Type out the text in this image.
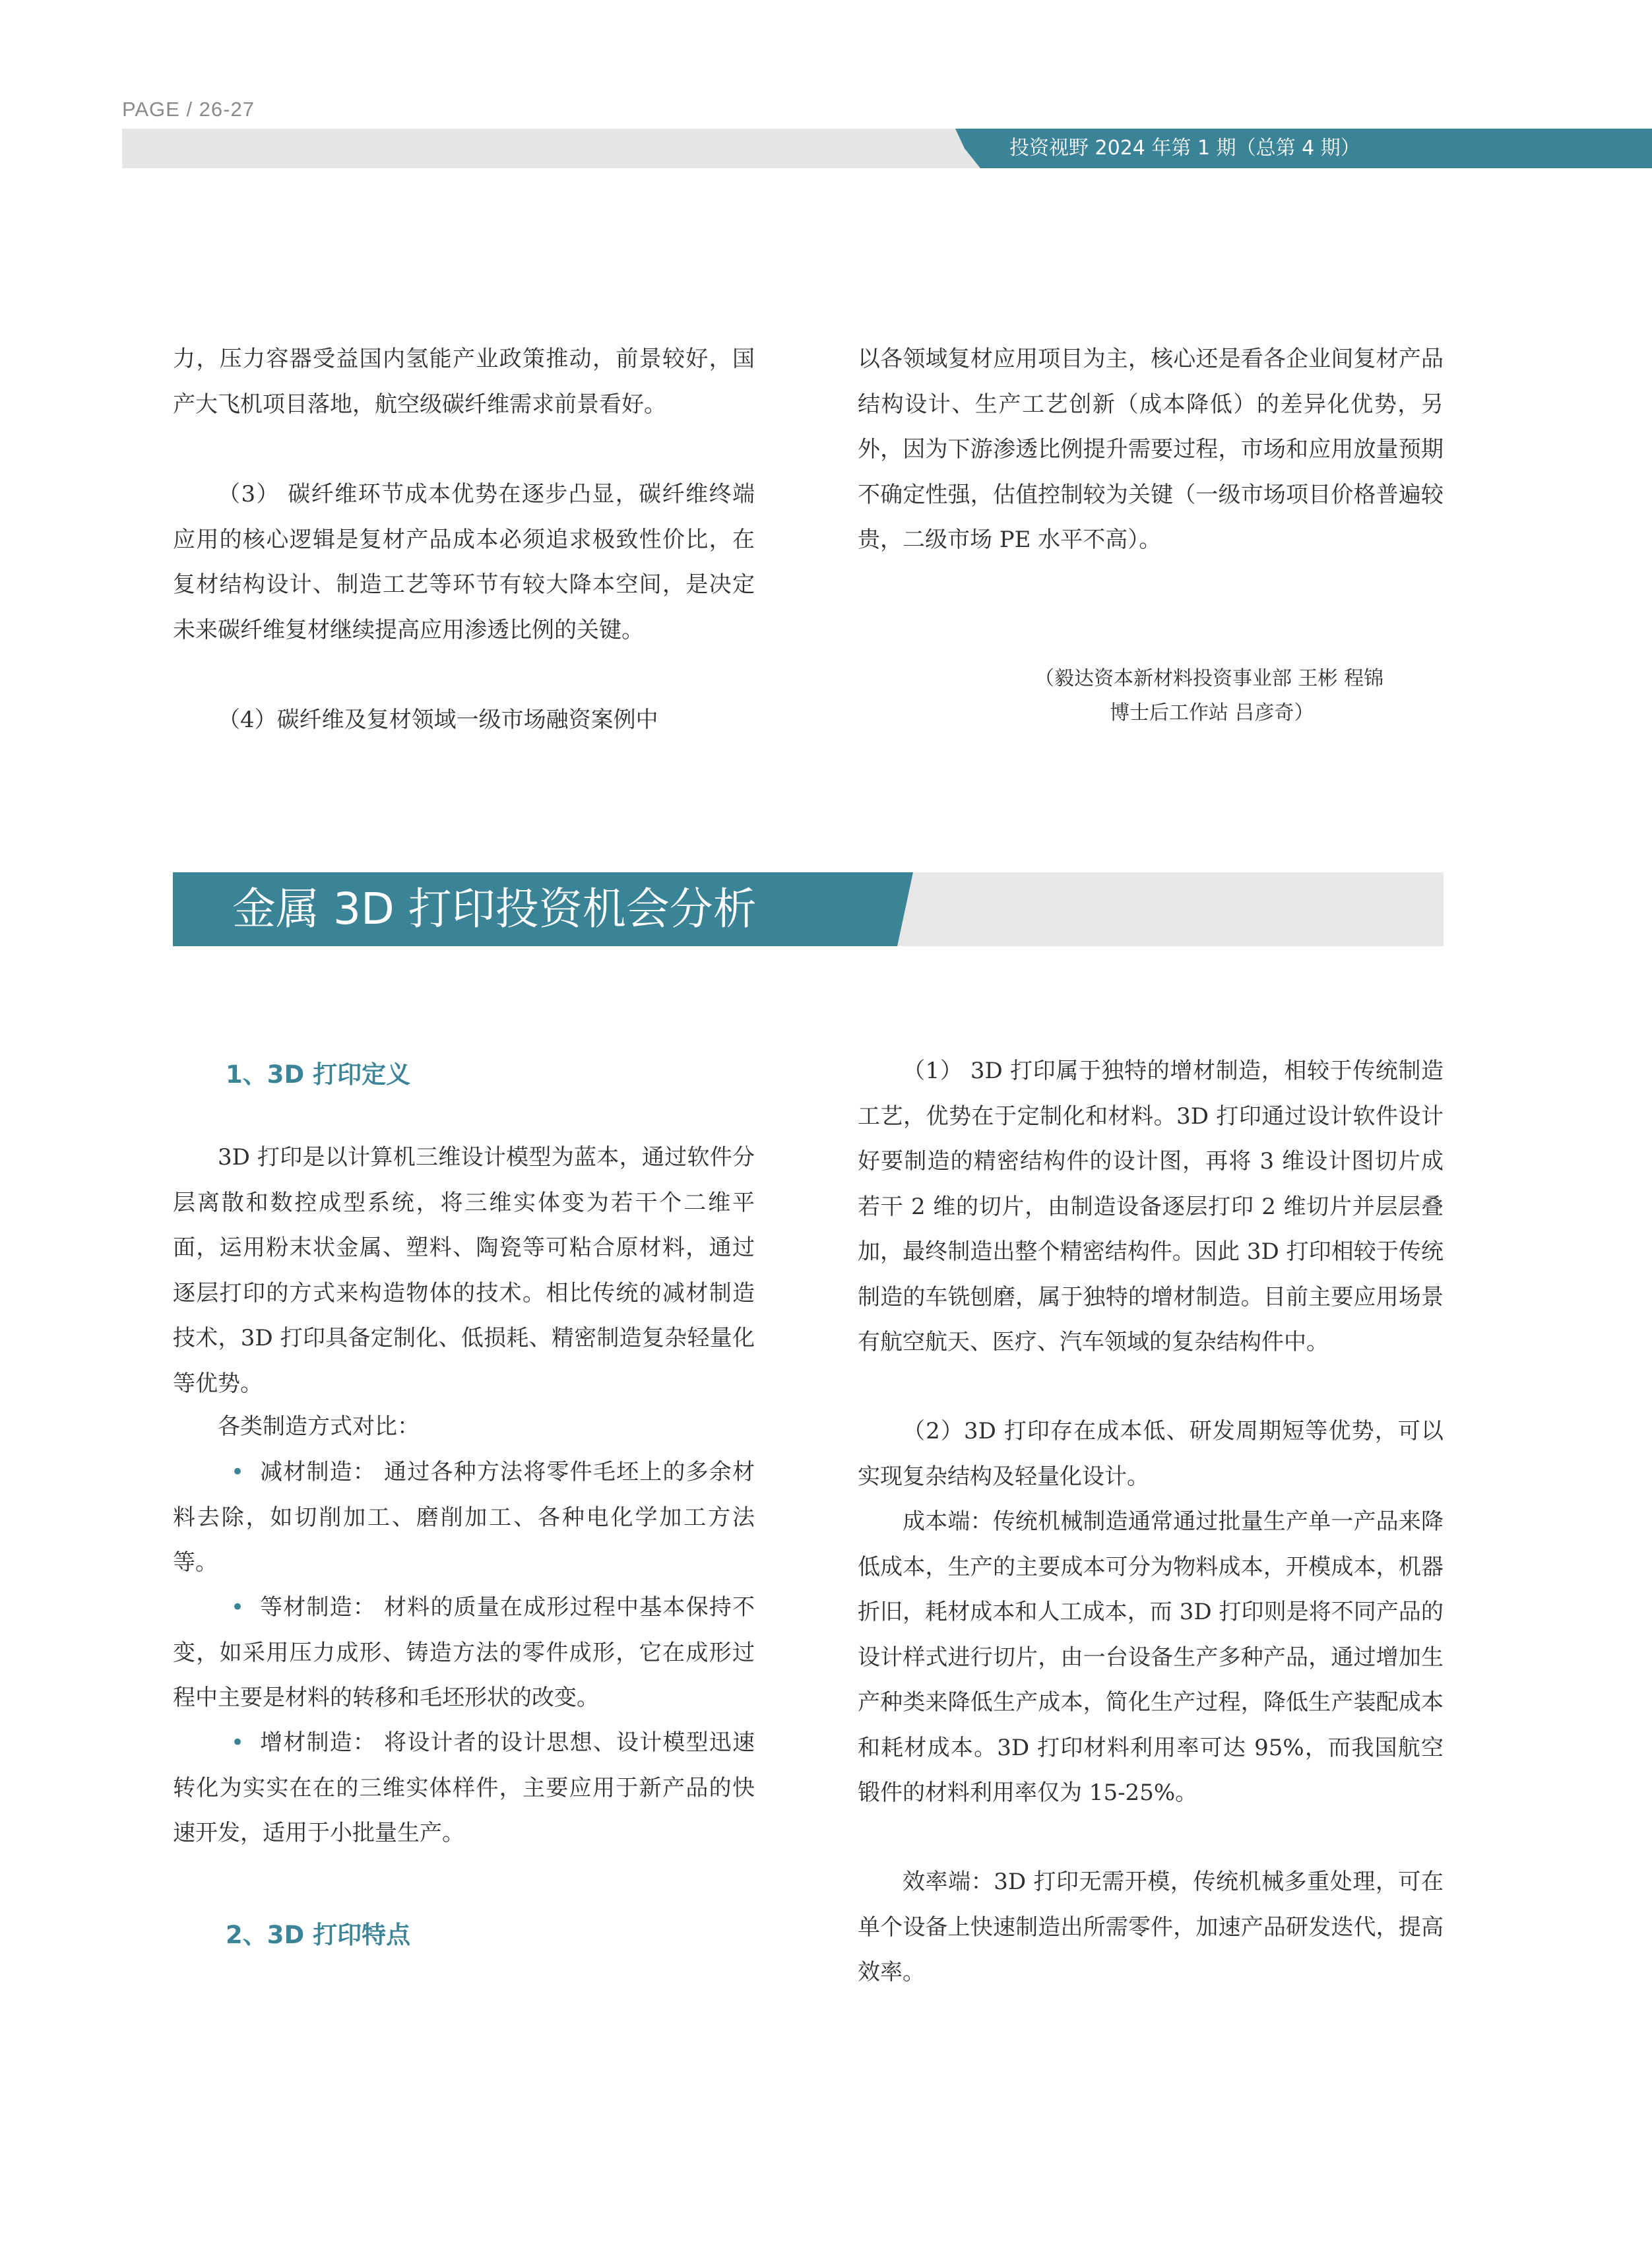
PAGE / 26-27
投资视野 2024 年第 1 期（总第 4 期）

力，压力容器受益国内氢能产业政策推动，前景较好，国产大飞机项目落地，航空级碳纤维需求前景看好。

（3） 碳纤维环节成本优势在逐步凸显，碳纤维终端应用的核心逻辑是复材产品成本必须追求极致性价比，在复材结构设计、制造工艺等环节有较大降本空间，是决定未来碳纤维复材继续提高应用渗透比例的关键。

（4）碳纤维及复材领域一级市场融资案例中

以各领域复材应用项目为主，核心还是看各企业间复材产品结构设计、生产工艺创新（成本降低）的差异化优势，另外，因为下游渗透比例提升需要过程，市场和应用放量预期不确定性强，估值控制较为关键（一级市场项目价格普遍较贵，二级市场 PE 水平不高）。

（毅达资本新材料投资事业部 王彬 程锦
博士后工作站 吕彦奇）
金属 3D 打印投资机会分析
1、3D 打印定义

3D 打印是以计算机三维设计模型为蓝本，通过软件分层离散和数控成型系统，将三维实体变为若干个二维平面，运用粉末状金属、塑料、陶瓷等可粘合原材料，通过逐层打印的方式来构造物体的技术。相比传统的减材制造技术，3D 打印具备定制化、低损耗、精密制造复杂轻量化等优势。

各类制造方式对比：

• 减材制造： 通过各种方法将零件毛坯上的多余材料去除，如切削加工、磨削加工、各种电化学加工方法等。

• 等材制造： 材料的质量在成形过程中基本保持不变，如采用压力成形、铸造方法的零件成形，它在成形过程中主要是材料的转移和毛坯形状的改变。

• 增材制造： 将设计者的设计思想、设计模型迅速转化为实实在在的三维实体样件，主要应用于新产品的快速开发，适用于小批量生产。

2、3D 打印特点

（1） 3D 打印属于独特的增材制造，相较于传统制造工艺，优势在于定制化和材料。3D 打印通过设计软件设计好要制造的精密结构件的设计图，再将 3 维设计图切片成若干 2 维的切片，由制造设备逐层打印 2 维切片并层层叠加，最终制造出整个精密结构件。因此 3D 打印相较于传统制造的车铣刨磨，属于独特的增材制造。目前主要应用场景有航空航天、医疗、汽车领域的复杂结构件中。

（2）3D 打印存在成本低、研发周期短等优势，可以实现复杂结构及轻量化设计。

成本端：传统机械制造通常通过批量生产单一产品来降低成本，生产的主要成本可分为物料成本，开模成本，机器折旧，耗材成本和人工成本，而 3D 打印则是将不同产品的设计样式进行切片，由一台设备生产多种产品，通过增加生产种类来降低生产成本，简化生产过程，降低生产装配成本和耗材成本。3D 打印材料利用率可达 95%，而我国航空锻件的材料利用率仅为 15-25%。

效率端：3D 打印无需开模，传统机械多重处理，可在单个设备上快速制造出所需零件，加速产品研发迭代，提高效率。
